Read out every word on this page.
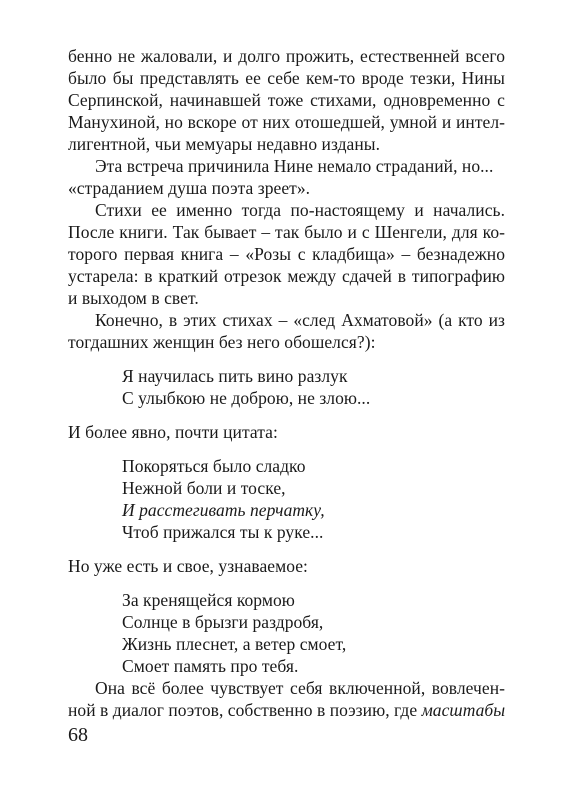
бенно не жаловали, и долго прожить, естественней всего
было бы представлять ее себе кем-то вроде тезки, Нины
Серпинской, начинавшей тоже стихами, одновременно с
Манухиной, но вскоре от них отошедшей, умной и интел-
лигентной, чьи мемуары недавно изданы.
Эта встреча причинила Нине немало страданий, но...
«страданием душа поэта зреет».
Стихи ее именно тогда по-настоящему и начались.
После книги. Так бывает – так было и с Шенгели, для ко-
торого первая книга – «Розы с кладбища» – безнадежно
устарела: в краткий отрезок между сдачей в типографию
и выходом в свет.
Конечно, в этих стихах – «след Ахматовой» (а кто из
тогдашних женщин без него обошелся?):
Я научилась пить вино разлук
С улыбкою не доброю, не злою...
И более явно, почти цитата:
Покоряться было сладко
Нежной боли и тоске,
И расстегивать перчатку,
Чтоб прижался ты к руке...
Но уже есть и свое, узнаваемое:
За кренящейся кормою
Солнце в брызги раздробя,
Жизнь плеснет, а ветер смоет,
Смоет память про тебя.
Она всё более чувствует себя включенной, вовлечен-
ной в диалог поэтов, собственно в поэзию, где масштабы
68
